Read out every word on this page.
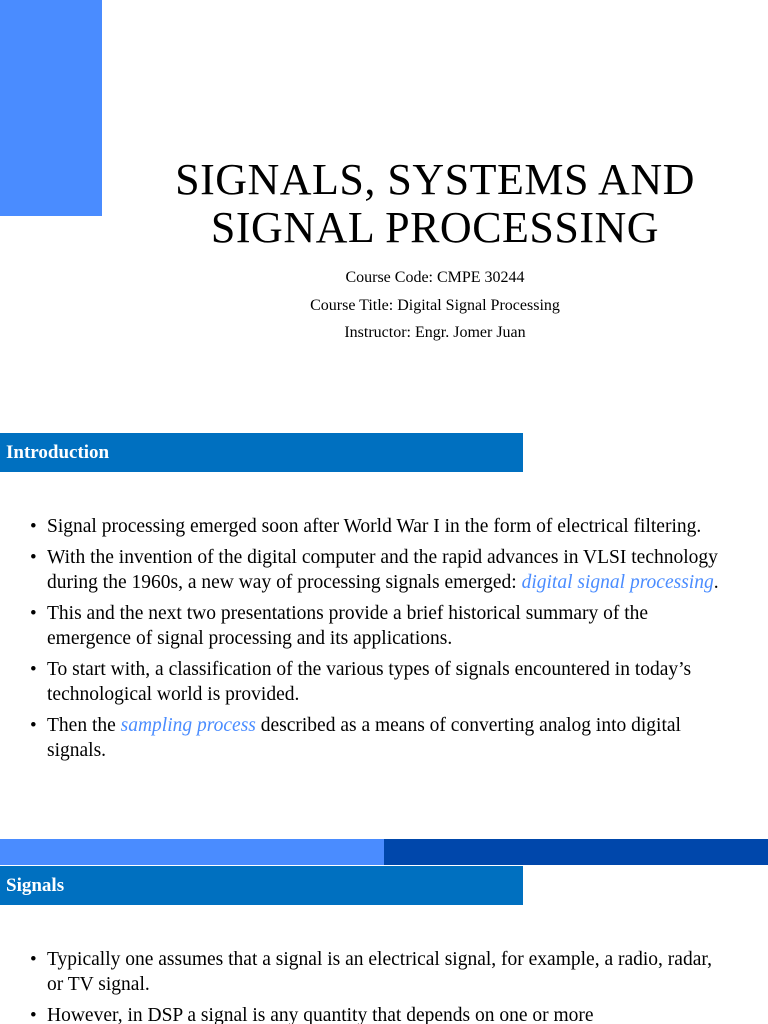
SIGNALS, SYSTEMS AND
SIGNAL PROCESSING
Course Code: CMPE 30244
Course Title: Digital Signal Processing
Instructor: Engr. Jomer Juan
Introduction
• Signal processing emerged soon after World War I in the form of electrical filtering.
• With the invention of the digital computer and the rapid advances in VLSI technology during the 1960s, a new way of processing signals emerged: digital signal processing.
• This and the next two presentations provide a brief historical summary of the emergence of signal processing and its applications.
• To start with, a classification of the various types of signals encountered in today’s technological world is provided.
• Then the sampling process described as a means of converting analog into digital signals.
Signals
• Typically one assumes that a signal is an electrical signal, for example, a radio, radar, or TV signal.
• However, in DSP a signal is any quantity that depends on one or more
